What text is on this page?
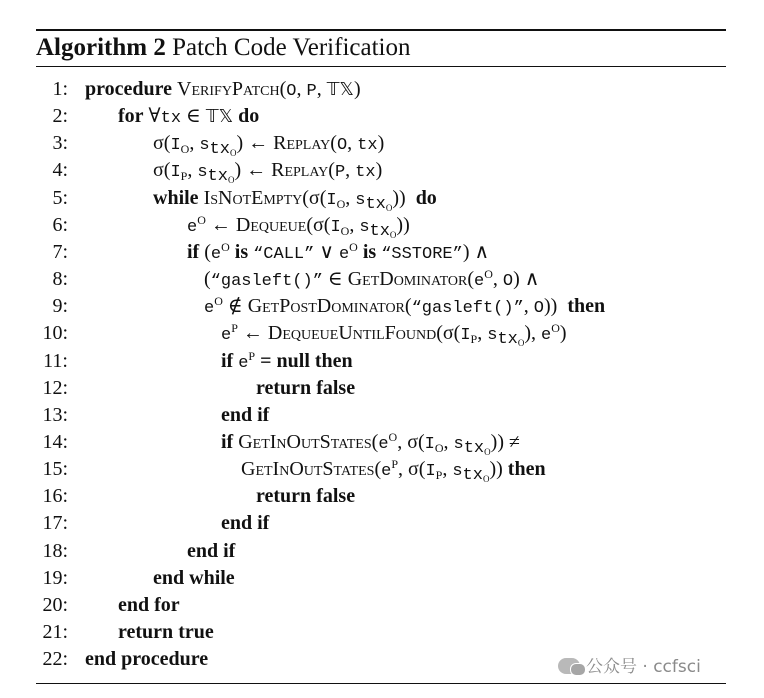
Algorithm 2 Patch Code Verification
1: procedure VerifyPatch(O, P, 𝕋𝕏)
2:	for ∀tx ∈ 𝕋𝕏 do
3:	$\sigma(I_O$, $s_{tx_O}$) ← Replay(O, tx)
4:	$\sigma(I_P$, $s_{tx_O}$) ← Replay(P, tx)
5:	while $IsNotEmpty(\sigma(I_O$, $s_{tx_O}$)) do
6:	$e^O$ ← $Dequeue(\sigma(I_O$, $s_{tx_O}$))
7:	if ($e^O$ is “CALL” ∨ $e^O$ is “SSTORE”) ∧
8:	(“gasleft()” ∈ $GetDominator(e^O$, O) ∧
9:	$e^O$ ∉ GetPostDominator(“gasleft()”, O)) then
10:	$e^P$ ← $DequeueUntilFound(\sigma(I_P$, $s_{tx_O}$), $e^O$)
11:	if $e^P$ = null then
12:	return false
13:	end if
14:	if $GetInOutStates(e^O$, $\sigma(I_O$, $s_{tx_O}$)) ≠
15:	$GetInOutStates(e^P$, $\sigma(I_P$, $s_{tx_O}$)) then
16:	return false
17:	end if
18:	end if
19:	end while
20:	end for
21:	return true
22: end procedure	公众号 · ccfsci
